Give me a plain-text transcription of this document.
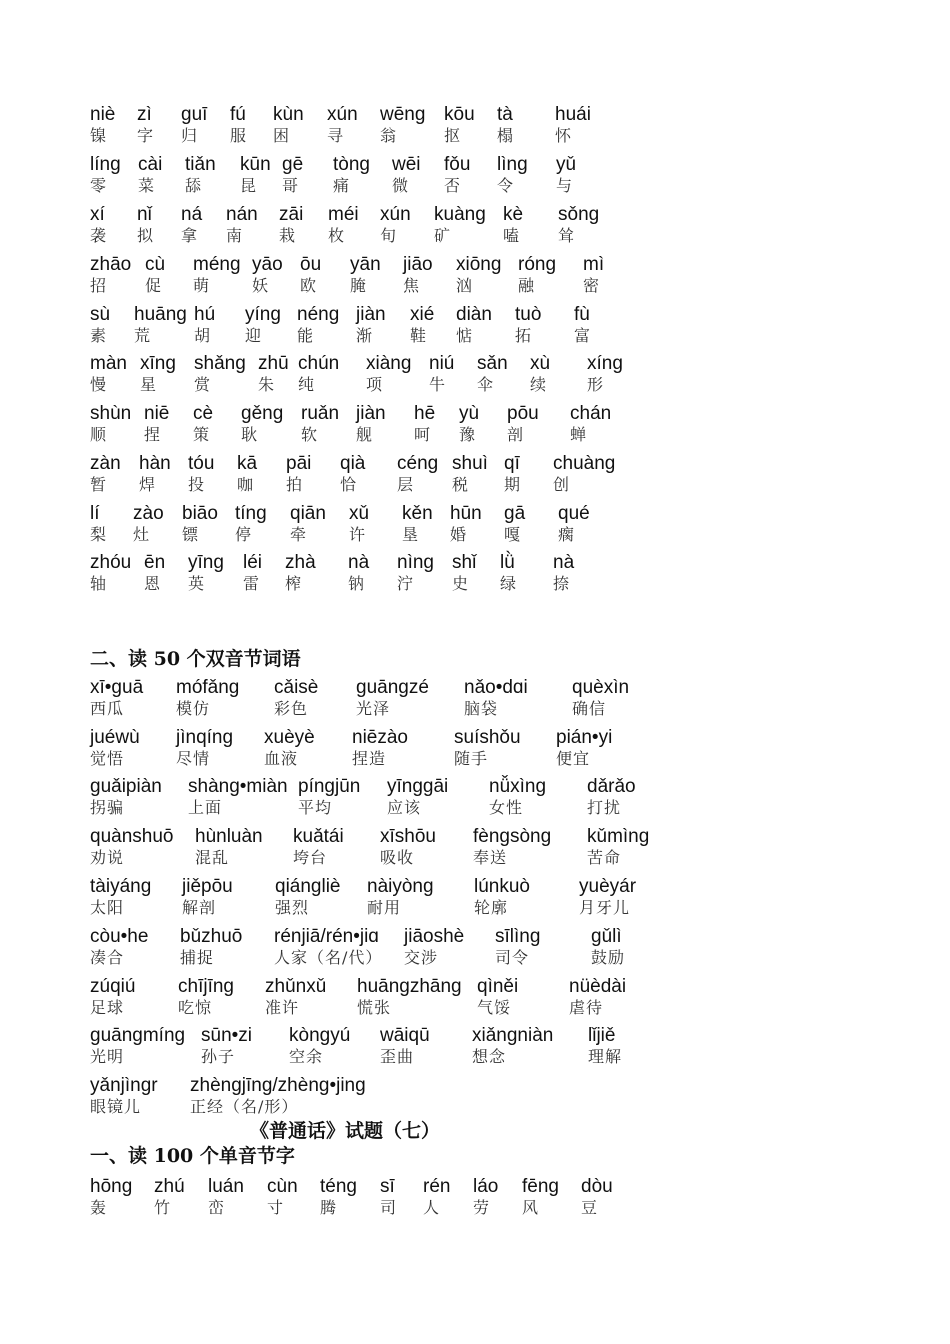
niè
镍
zì
字
guī
归
fú
服
kùn
困
xún
寻
wēng
翁
kōu
抠
tà
榻
huái
怀
líng
零
cài
菜
tiǎn
舔
kūn
昆
gē
哥
tòng
痛
wēi
微
fǒu
否
lìng
令
yǔ
与
xí
袭
nǐ
拟
ná
拿
nán
南
zāi
栽
méi
枚
xún
旬
kuàng
矿
kè
嗑
sǒng
耸
zhāo
招
cù
促
méng
萌
yāo
妖
ōu
欧
yān
腌
jiāo
焦
xiōng
汹
róng
融
mì
密
sù
素
huāng
荒
hú
胡
yíng
迎
néng
能
jiàn
渐
xié
鞋
diàn
惦
tuò
拓
fù
富
màn
慢
xīng
星
shǎng
赏
zhū
朱
chún
纯
xiàng
项
niú
牛
sǎn
伞
xù
续
xíng
形
shùn
顺
niē
捏
cè
策
gěng
耿
ruǎn
软
jiàn
舰
hē
呵
yù
豫
pōu
剖
chán
蝉
zàn
暂
hàn
焊
tóu
投
kā
咖
pāi
拍
qià
恰
céng
层
shuì
税
qī
期
chuàng
创
lí
梨
zào
灶
biāo
镖
tíng
停
qiān
牵
xǔ
许
kěn
垦
hūn
婚
gā
嘎
qué
瘸
zhóu
轴
ēn
恩
yīng
英
léi
雷
zhà
榨
nà
钠
nìng
泞
shǐ
史
lǜ
绿
nà
捺
二、读 50 个双音节词语
xī•guā
西瓜
mófǎng
模仿
cǎisè
彩色
guāngzé
光泽
nǎo•dɑi
脑袋
quèxìn
确信
juéwù
觉悟
jìnqíng
尽情
xuèyè
血液
niēzào
捏造
suíshǒu
随手
pián•yi
便宜
guǎipiàn
拐骗
shàng•miàn
上面
píngjūn
平均
yīnggāi
应该
nǚxìng
女性
dǎrǎo
打扰
quànshuō
劝说
hùnluàn
混乱
kuǎtái
垮台
xīshōu
吸收
fèngsòng
奉送
kǔmìng
苦命
tàiyáng
太阳
jiěpōu
解剖
qiángliè
强烈
nàiyòng
耐用
lúnkuò
轮廓
yuèyár
月牙儿
còu•he
凑合
bǔzhuō
捕捉
rénjiā/rén•jiɑ
人家（名/代）
jiāoshè
交涉
sīlìng
司令
gǔlì
鼓励
zúqiú
足球
chījīng
吃惊
zhǔnxǔ
准许
huāngzhāng
慌张
qìněi
气馁
nüèdài
虐待
guāngmíng
光明
sūn•zi
孙子
kòngyú
空余
wāiqū
歪曲
xiǎngniàn
想念
lǐjiě
理解
yǎnjìngr
眼镜儿
zhèngjīng/zhèng•jing
正经（名/形）
《普通话》试题（七）
一、读 100 个单音节字
hōng
轰
zhú
竹
luán
峦
cùn
寸
téng
腾
sī
司
rén
人
láo
劳
fēng
风
dòu
豆
